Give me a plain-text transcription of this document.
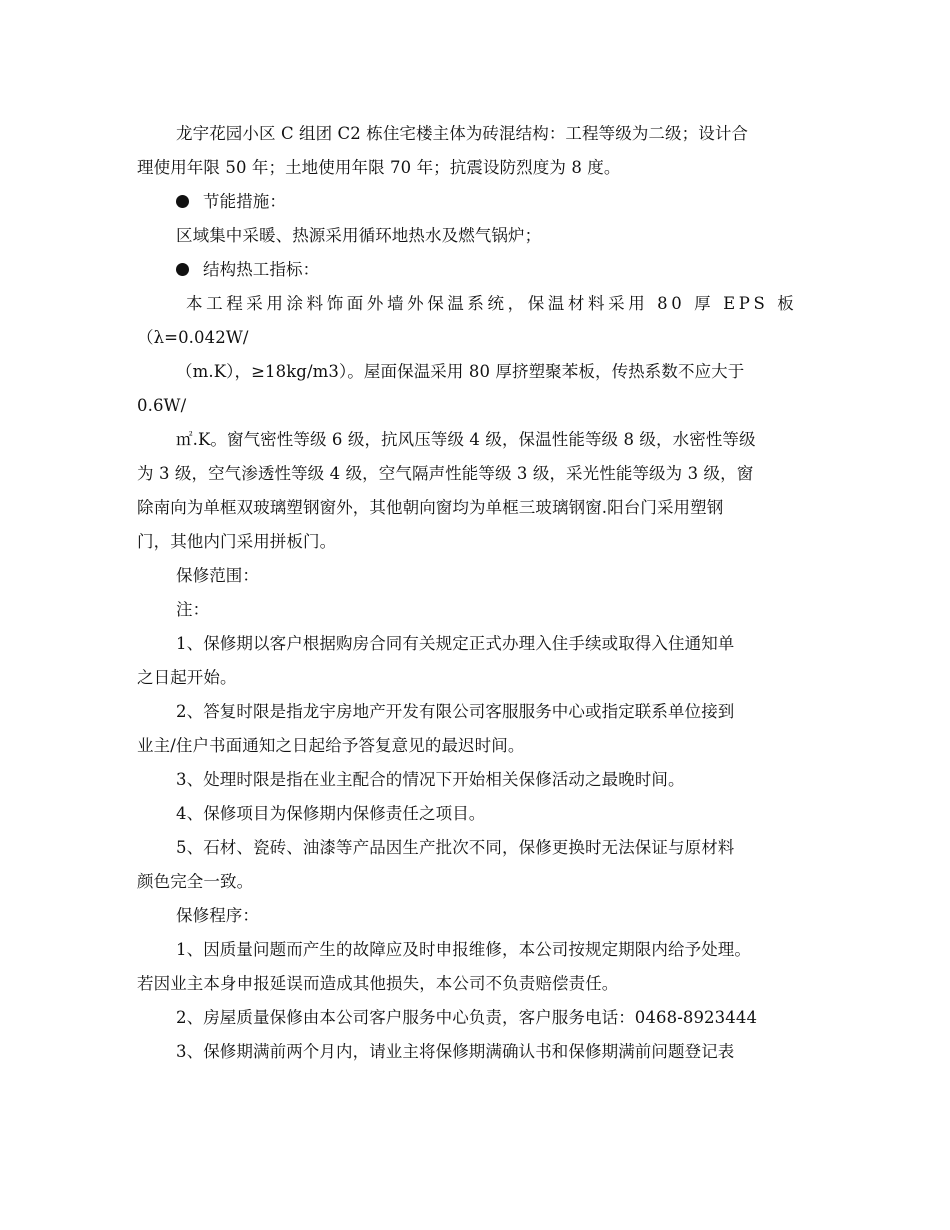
龙宇花园小区 C 组团 C2 栋住宅楼主体为砖混结构：工程等级为二级；设计合
理使用年限 50 年；土地使用年限 70 年；抗震设防烈度为 8 度。
节能措施：
区域集中采暖、热源采用循环地热水及燃气锅炉；
结构热工指标：
本工程采用涂料饰面外墙外保温系统，保温材料采用 80 厚 EPS 板
（λ=0.042W/
（m.K），≥18kg/m3）。屋面保温采用 80 厚挤塑聚苯板，传热系数不应大于
0.6W/
㎡.K。窗气密性等级 6 级，抗风压等级 4 级，保温性能等级 8 级，水密性等级
为 3 级，空气渗透性等级 4 级，空气隔声性能等级 3 级，采光性能等级为 3 级，窗
除南向为单框双玻璃塑钢窗外，其他朝向窗均为单框三玻璃钢窗.阳台门采用塑钢
门，其他内门采用拼板门。
保修范围：
注：
1、保修期以客户根据购房合同有关规定正式办理入住手续或取得入住通知单
之日起开始。
2、答复时限是指龙宇房地产开发有限公司客服服务中心或指定联系单位接到
业主/住户书面通知之日起给予答复意见的最迟时间。
3、处理时限是指在业主配合的情况下开始相关保修活动之最晚时间。
4、保修项目为保修期内保修责任之项目。
5、石材、瓷砖、油漆等产品因生产批次不同，保修更换时无法保证与原材料
颜色完全一致。
保修程序：
1、因质量问题而产生的故障应及时申报维修，本公司按规定期限内给予处理。
若因业主本身申报延误而造成其他损失，本公司不负责赔偿责任。
2、房屋质量保修由本公司客户服务中心负责，客户服务电话：0468-8923444
3、保修期满前两个月内，请业主将保修期满确认书和保修期满前问题登记表
